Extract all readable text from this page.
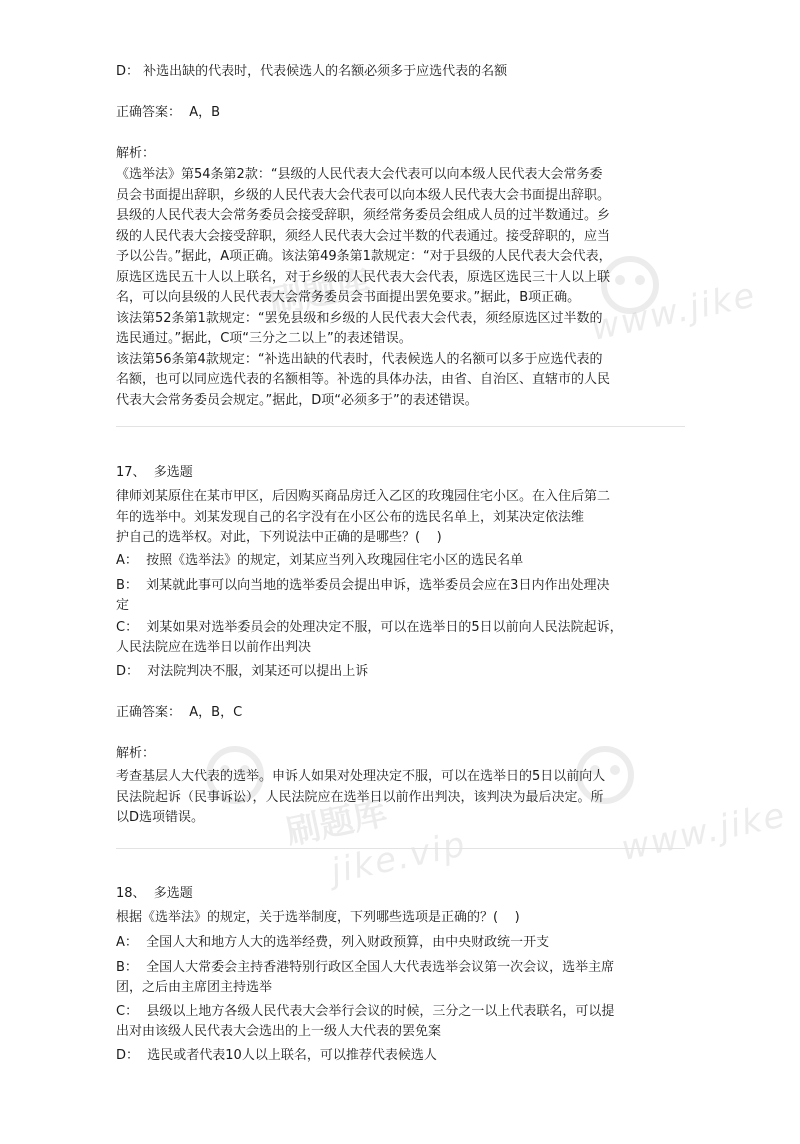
刷题库	www.jike
刷题库
jike.vip	www.jike
D： 补选出缺的代表时，代表候选人的名额必须多于应选代表的名额
正确答案：  A，B
解析：
《选举法》第54条第2款：“县级的人民代表大会代表可以向本级人民代表大会常务委
员会书面提出辞职，乡级的人民代表大会代表可以向本级人民代表大会书面提出辞职。
县级的人民代表大会常务委员会接受辞职，须经常务委员会组成人员的过半数通过。乡
级的人民代表大会接受辞职，须经人民代表大会过半数的代表通过。接受辞职的，应当
予以公告。”据此，A项正确。该法第49条第1款规定：“对于县级的人民代表大会代表，
原选区选民五十人以上联名，对于乡级的人民代表大会代表，原选区选民三十人以上联
名，可以向县级的人民代表大会常务委员会书面提出罢免要求。”据此，B项正确。
该法第52条第1款规定：“罢免县级和乡级的人民代表大会代表，须经原选区过半数的
选民通过。”据此，C项“三分之二以上”的表述错误。
该法第56条第4款规定：“补选出缺的代表时，代表候选人的名额可以多于应选代表的
名额，也可以同应选代表的名额相等。补选的具体办法，由省、自治区、直辖市的人民
代表大会常务委员会规定。”据此，D项“必须多于”的表述错误。
17、  多选题
律师刘某原住在某市甲区，后因购买商品房迁入乙区的玫瑰园住宅小区。在入住后第二
年的选举中。刘某发现自己的名字没有在小区公布的选民名单上，刘某决定依法维
护自己的选举权。对此，下列说法中正确的是哪些？(    )
A：  按照《选举法》的规定，刘某应当列入玫瑰园住宅小区的选民名单
B：  刘某就此事可以向当地的选举委员会提出申诉，选举委员会应在3日内作出处理决
定
C：  刘某如果对选举委员会的处理决定不服，可以在选举日的5日以前向人民法院起诉，
人民法院应在选举日以前作出判决
D：  对法院判决不服，刘某还可以提出上诉
正确答案：  A，B，C
解析：
考查基层人大代表的选举。申诉人如果对处理决定不服，可以在选举日的5日以前向人
民法院起诉（民事诉讼），人民法院应在选举日以前作出判决，该判决为最后决定。所
以D选项错误。
18、  多选题
根据《选举法》的规定，关于选举制度，下列哪些选项是正确的？(    )
A：  全国人大和地方人大的选举经费，列入财政预算，由中央财政统一开支
B：  全国人大常委会主持香港特别行政区全国人大代表选举会议第一次会议，选举主席
团，之后由主席团主持选举
C：  县级以上地方各级人民代表大会举行会议的时候，三分之一以上代表联名，可以提
出对由该级人民代表大会选出的上一级人大代表的罢免案
D：  选民或者代表10人以上联名，可以推荐代表候选人
